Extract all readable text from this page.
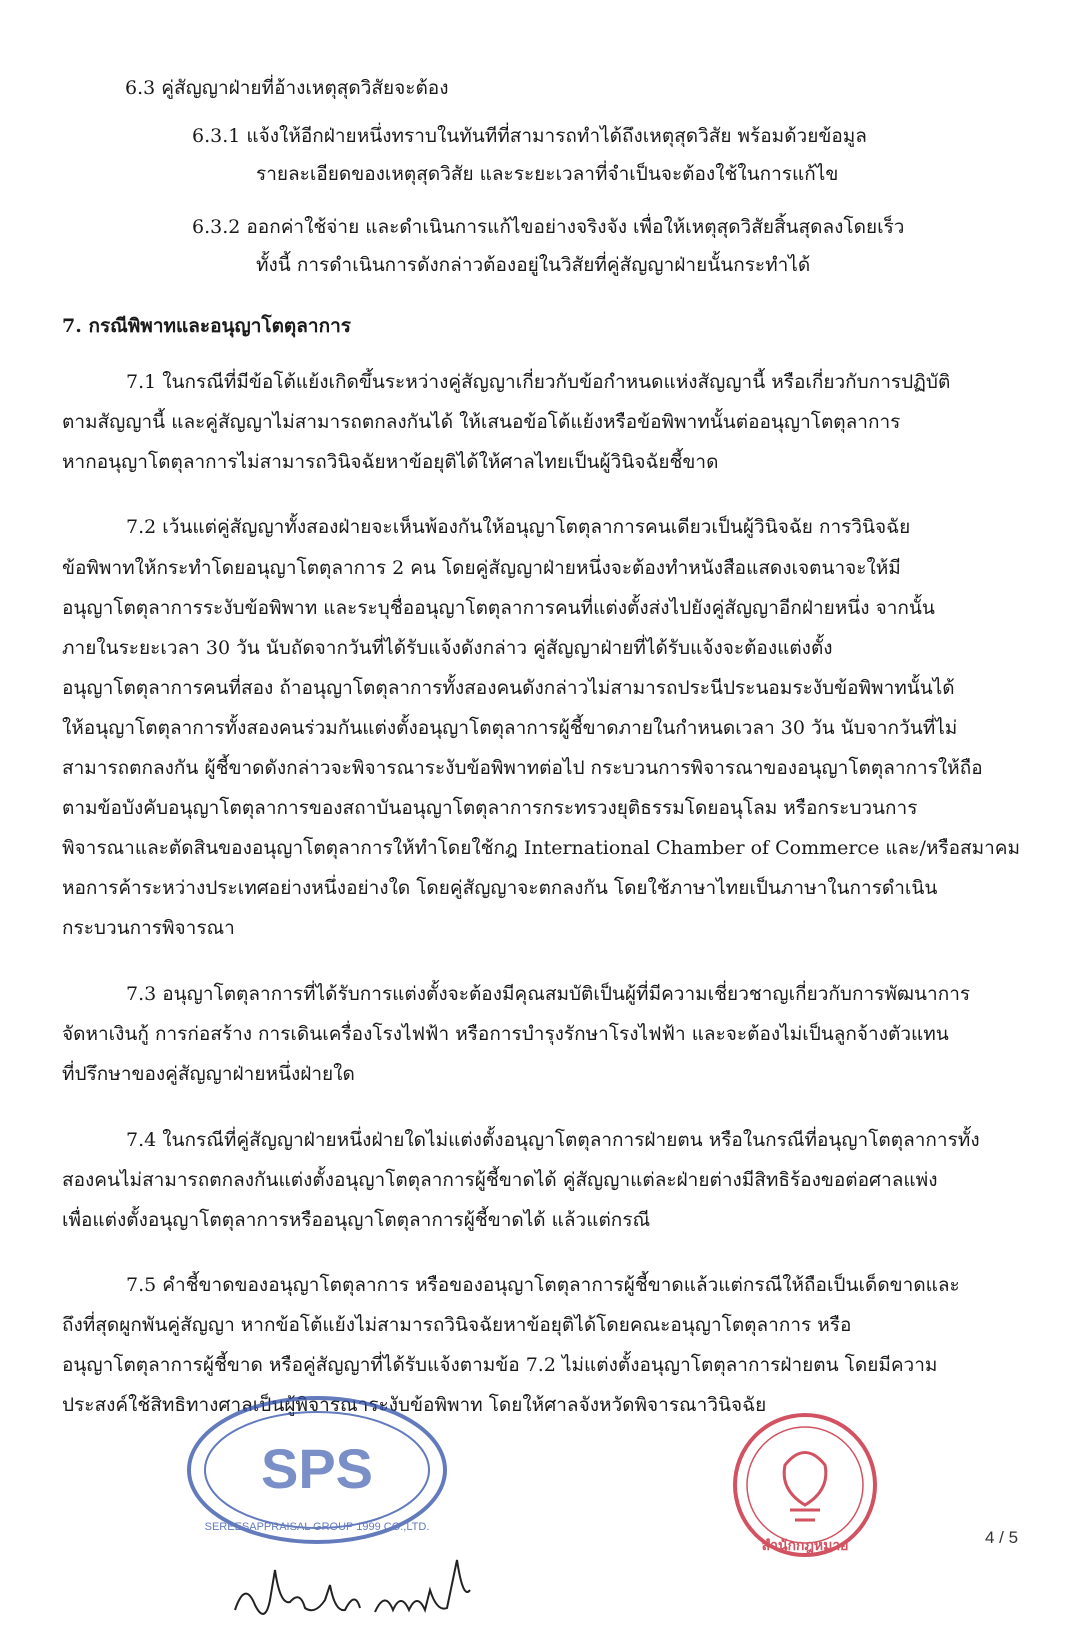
6.3 คู่สัญญาฝ่ายที่อ้างเหตุสุดวิสัยจะต้อง
6.3.1 แจ้งให้อีกฝ่ายหนึ่งทราบในทันทีที่สามารถทำได้ถึงเหตุสุดวิสัย พร้อมด้วยข้อมูล
รายละเอียดของเหตุสุดวิสัย และระยะเวลาที่จำเป็นจะต้องใช้ในการแก้ไข
6.3.2 ออกค่าใช้จ่าย และดำเนินการแก้ไขอย่างจริงจัง เพื่อให้เหตุสุดวิสัยสิ้นสุดลงโดยเร็ว
ทั้งนี้ การดำเนินการดังกล่าวต้องอยู่ในวิสัยที่คู่สัญญาฝ่ายนั้นกระทำได้
7. กรณีพิพาทและอนุญาโตตุลาการ
7.1 ในกรณีที่มีข้อโต้แย้งเกิดขึ้นระหว่างคู่สัญญาเกี่ยวกับข้อกำหนดแห่งสัญญานี้ หรือเกี่ยวกับการปฏิบัติ
ตามสัญญานี้ และคู่สัญญาไม่สามารถตกลงกันได้ ให้เสนอข้อโต้แย้งหรือข้อพิพาทนั้นต่ออนุญาโตตุลาการ
หากอนุญาโตตุลาการไม่สามารถวินิจฉัยหาข้อยุติได้ให้ศาลไทยเป็นผู้วินิจฉัยชี้ขาด
7.2 เว้นแต่คู่สัญญาทั้งสองฝ่ายจะเห็นพ้องกันให้อนุญาโตตุลาการคนเดียวเป็นผู้วินิจฉัย การวินิจฉัย
ข้อพิพาทให้กระทำโดยอนุญาโตตุลาการ 2 คน โดยคู่สัญญาฝ่ายหนึ่งจะต้องทำหนังสือแสดงเจตนาจะให้มี
อนุญาโตตุลาการระงับข้อพิพาท และระบุชื่ออนุญาโตตุลาการคนที่แต่งตั้งส่งไปยังคู่สัญญาอีกฝ่ายหนึ่ง จากนั้น
ภายในระยะเวลา 30 วัน นับถัดจากวันที่ได้รับแจ้งดังกล่าว คู่สัญญาฝ่ายที่ได้รับแจ้งจะต้องแต่งตั้ง
อนุญาโตตุลาการคนที่สอง ถ้าอนุญาโตตุลาการทั้งสองคนดังกล่าวไม่สามารถประนีประนอมระงับข้อพิพาทนั้นได้
ให้อนุญาโตตุลาการทั้งสองคนร่วมกันแต่งตั้งอนุญาโตตุลาการผู้ชี้ขาดภายในกำหนดเวลา 30 วัน นับจากวันที่ไม่
สามารถตกลงกัน ผู้ชี้ขาดดังกล่าวจะพิจารณาระงับข้อพิพาทต่อไป กระบวนการพิจารณาของอนุญาโตตุลาการให้ถือ
ตามข้อบังคับอนุญาโตตุลาการของสถาบันอนุญาโตตุลาการกระทรวงยุติธรรมโดยอนุโลม หรือกระบวนการ
พิจารณาและตัดสินของอนุญาโตตุลาการให้ทำโดยใช้กฎ International Chamber of Commerce และ/หรือสมาคม
หอการค้าระหว่างประเทศอย่างหนึ่งอย่างใด โดยคู่สัญญาจะตกลงกัน โดยใช้ภาษาไทยเป็นภาษาในการดำเนิน
กระบวนการพิจารณา
7.3 อนุญาโตตุลาการที่ได้รับการแต่งตั้งจะต้องมีคุณสมบัติเป็นผู้ที่มีความเชี่ยวชาญเกี่ยวกับการพัฒนาการ
จัดหาเงินกู้ การก่อสร้าง การเดินเครื่องโรงไฟฟ้า หรือการบำรุงรักษาโรงไฟฟ้า และจะต้องไม่เป็นลูกจ้างตัวแทน
ที่ปรึกษาของคู่สัญญาฝ่ายหนึ่งฝ่ายใด
7.4 ในกรณีที่คู่สัญญาฝ่ายหนึ่งฝ่ายใดไม่แต่งตั้งอนุญาโตตุลาการฝ่ายตน หรือในกรณีที่อนุญาโตตุลาการทั้ง
สองคนไม่สามารถตกลงกันแต่งตั้งอนุญาโตตุลาการผู้ชี้ขาดได้ คู่สัญญาแต่ละฝ่ายต่างมีสิทธิร้องขอต่อศาลแพ่ง
เพื่อแต่งตั้งอนุญาโตตุลาการหรืออนุญาโตตุลาการผู้ชี้ขาดได้ แล้วแต่กรณี
7.5 คำชี้ขาดของอนุญาโตตุลาการ หรือของอนุญาโตตุลาการผู้ชี้ขาดแล้วแต่กรณีให้ถือเป็นเด็ดขาดและ
ถึงที่สุดผูกพันคู่สัญญา หากข้อโต้แย้งไม่สามารถวินิจฉัยหาข้อยุติได้โดยคณะอนุญาโตตุลาการ หรือ
อนุญาโตตุลาการผู้ชี้ขาด หรือคู่สัญญาที่ได้รับแจ้งตามข้อ 7.2 ไม่แต่งตั้งอนุญาโตตุลาการฝ่ายตน โดยมีความ
ประสงค์ใช้สิทธิทางศาลเป็นผู้พิจารณาระงับข้อพิพาท โดยให้ศาลจังหวัดพิจารณาวินิจฉัย
SPS
SEREESAPPRAISAL GROUP 1999 CO.,LTD.
สำนักกฎหมาย	4 / 5
